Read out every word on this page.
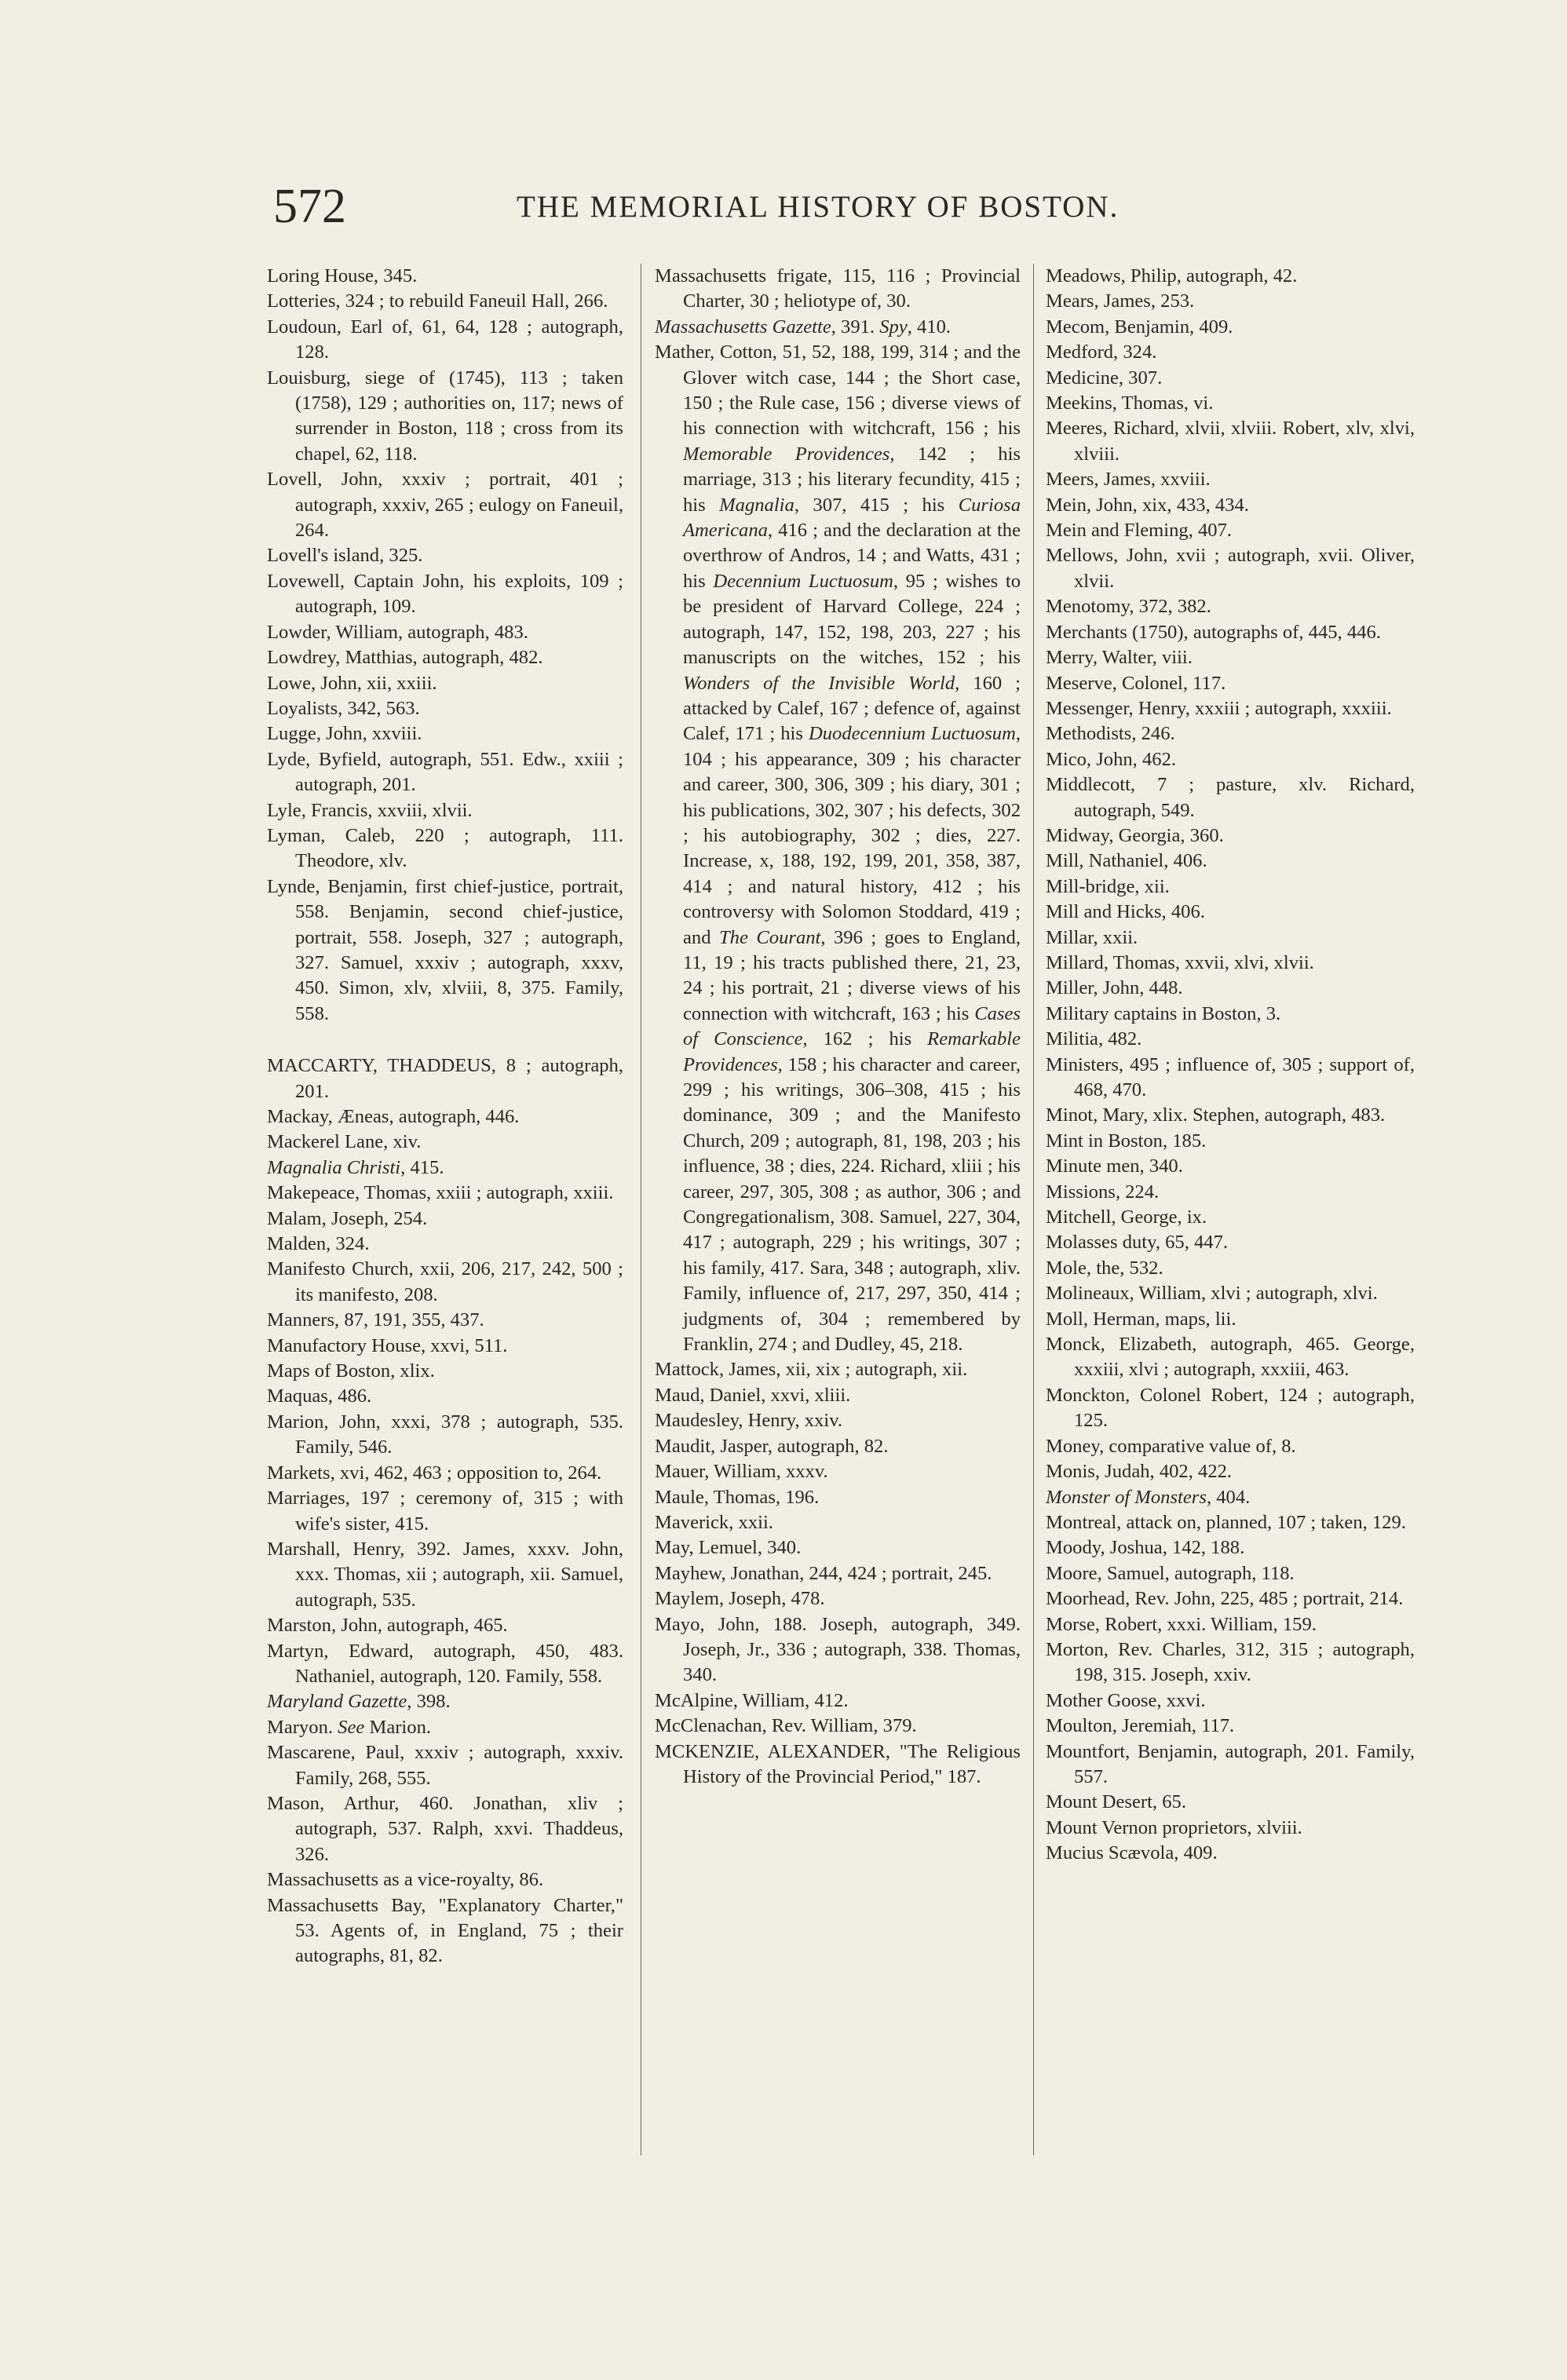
572	THE MEMORIAL HISTORY OF BOSTON.
Loring House, 345.
Lotteries, 324 ; to rebuild Faneuil Hall, 266.
Loudoun, Earl of, 61, 64, 128 ; autograph, 128.
Louisburg, siege of (1745), 113 ; taken (1758), 129 ; authorities on, 117; news of surrender in Boston, 118 ; cross from its chapel, 62, 118.
Lovell, John, xxxiv ; portrait, 401 ; autograph, xxxiv, 265 ; eulogy on Faneuil, 264.
Lovell's island, 325.
Lovewell, Captain John, his exploits, 109 ; autograph, 109.
Lowder, William, autograph, 483.
Lowdrey, Matthias, autograph, 482.
Lowe, John, xii, xxiii.
Loyalists, 342, 563.
Lugge, John, xxviii.
Lyde, Byfield, autograph, 551. Edw., xxiii ; autograph, 201.
Lyle, Francis, xxviii, xlvii.
Lyman, Caleb, 220 ; autograph, 111. Theodore, xlv.
Lynde, Benjamin, first chief-justice, portrait, 558. Benjamin, second chief-justice, portrait, 558. Joseph, 327 ; autograph, 327. Samuel, xxxiv ; autograph, xxxv, 450. Simon, xlv, xlviii, 8, 375. Family, 558.
MACCARTY, THADDEUS, 8 ; autograph, 201.
Mackay, Æneas, autograph, 446.
Mackerel Lane, xiv.
Magnalia Christi, 415.
Makepeace, Thomas, xxiii ; autograph, xxiii.
Malam, Joseph, 254.
Malden, 324.
Manifesto Church, xxii, 206, 217, 242, 500 ; its manifesto, 208.
Manners, 87, 191, 355, 437.
Manufactory House, xxvi, 511.
Maps of Boston, xlix.
Maquas, 486.
Marion, John, xxxi, 378 ; autograph, 535. Family, 546.
Markets, xvi, 462, 463 ; opposition to, 264.
Marriages, 197 ; ceremony of, 315 ; with wife's sister, 415.
Marshall, Henry, 392. James, xxxv. John, xxx. Thomas, xii ; autograph, xii. Samuel, autograph, 535.
Marston, John, autograph, 465.
Martyn, Edward, autograph, 450, 483. Nathaniel, autograph, 120. Family, 558.
Maryland Gazette, 398.
Maryon. See Marion.
Mascarene, Paul, xxxiv ; autograph, xxxiv. Family, 268, 555.
Mason, Arthur, 460. Jonathan, xliv ; autograph, 537. Ralph, xxvi. Thaddeus, 326.
Massachusetts as a vice-royalty, 86.
Massachusetts Bay, "Explanatory Charter," 53. Agents of, in England, 75 ; their autographs, 81, 82.
Massachusetts frigate, 115, 116 ; Provincial Charter, 30 ; heliotype of, 30.
Massachusetts Gazette, 391. Spy, 410.
Mather, Cotton, 51, 52, 188, 199, 314 ; and the Glover witch case, 144 ; the Short case, 150 ; the Rule case, 156 ; diverse views of his connection with witchcraft, 156 ; his Memorable Providences, 142 ; his marriage, 313 ; his literary fecundity, 415 ; his Magnalia, 307, 415 ; his Curiosa Americana, 416 ; and the declaration at the overthrow of Andros, 14 ; and Watts, 431 ; his Decennium Luctuosum, 95 ; wishes to be president of Harvard College, 224 ; autograph, 147, 152, 198, 203, 227 ; his manuscripts on the witches, 152 ; his Wonders of the Invisible World, 160 ; attacked by Calef, 167 ; defence of, against Calef, 171 ; his Duodecennium Luctuosum, 104 ; his appearance, 309 ; his character and career, 300, 306, 309 ; his diary, 301 ; his publications, 302, 307 ; his defects, 302 ; his autobiography, 302 ; dies, 227. Increase, x, 188, 192, 199, 201, 358, 387, 414 ; and natural history, 412 ; his controversy with Solomon Stoddard, 419 ; and The Courant, 396 ; goes to England, 11, 19 ; his tracts published there, 21, 23, 24 ; his portrait, 21 ; diverse views of his connection with witchcraft, 163 ; his Cases of Conscience, 162 ; his Remarkable Providences, 158 ; his character and career, 299 ; his writings, 306–308, 415 ; his dominance, 309 ; and the Manifesto Church, 209 ; autograph, 81, 198, 203 ; his influence, 38 ; dies, 224. Richard, xliii ; his career, 297, 305, 308 ; as author, 306 ; and Congregationalism, 308. Samuel, 227, 304, 417 ; autograph, 229 ; his writings, 307 ; his family, 417. Sara, 348 ; autograph, xliv. Family, influence of, 217, 297, 350, 414 ; judgments of, 304 ; remembered by Franklin, 274 ; and Dudley, 45, 218.
Mattock, James, xii, xix ; autograph, xii.
Maud, Daniel, xxvi, xliii.
Maudesley, Henry, xxiv.
Maudit, Jasper, autograph, 82.
Mauer, William, xxxv.
Maule, Thomas, 196.
Maverick, xxii.
May, Lemuel, 340.
Mayhew, Jonathan, 244, 424 ; portrait, 245.
Maylem, Joseph, 478.
Mayo, John, 188. Joseph, autograph, 349. Joseph, Jr., 336 ; autograph, 338. Thomas, 340.
McAlpine, William, 412.
McClenachan, Rev. William, 379.
MCKENZIE, ALEXANDER, "The Religious History of the Provincial Period," 187.
Meadows, Philip, autograph, 42.
Mears, James, 253.
Mecom, Benjamin, 409.
Medford, 324.
Medicine, 307.
Meekins, Thomas, vi.
Meeres, Richard, xlvii, xlviii. Robert, xlv, xlvi, xlviii.
Meers, James, xxviii.
Mein, John, xix, 433, 434.
Mein and Fleming, 407.
Mellows, John, xvii ; autograph, xvii. Oliver, xlvii.
Menotomy, 372, 382.
Merchants (1750), autographs of, 445, 446.
Merry, Walter, viii.
Meserve, Colonel, 117.
Messenger, Henry, xxxiii ; autograph, xxxiii.
Methodists, 246.
Mico, John, 462.
Middlecott, 7 ; pasture, xlv. Richard, autograph, 549.
Midway, Georgia, 360.
Mill, Nathaniel, 406.
Mill-bridge, xii.
Mill and Hicks, 406.
Millar, xxii.
Millard, Thomas, xxvii, xlvi, xlvii.
Miller, John, 448.
Military captains in Boston, 3.
Militia, 482.
Ministers, 495 ; influence of, 305 ; support of, 468, 470.
Minot, Mary, xlix. Stephen, autograph, 483.
Mint in Boston, 185.
Minute men, 340.
Missions, 224.
Mitchell, George, ix.
Molasses duty, 65, 447.
Mole, the, 532.
Molineaux, William, xlvi ; autograph, xlvi.
Moll, Herman, maps, lii.
Monck, Elizabeth, autograph, 465. George, xxxiii, xlvi ; autograph, xxxiii, 463.
Monckton, Colonel Robert, 124 ; autograph, 125.
Money, comparative value of, 8.
Monis, Judah, 402, 422.
Monster of Monsters, 404.
Montreal, attack on, planned, 107 ; taken, 129.
Moody, Joshua, 142, 188.
Moore, Samuel, autograph, 118.
Moorhead, Rev. John, 225, 485 ; portrait, 214.
Morse, Robert, xxxi. William, 159.
Morton, Rev. Charles, 312, 315 ; autograph, 198, 315. Joseph, xxiv.
Mother Goose, xxvi.
Moulton, Jeremiah, 117.
Mountfort, Benjamin, autograph, 201. Family, 557.
Mount Desert, 65.
Mount Vernon proprietors, xlviii.
Mucius Scævola, 409.
